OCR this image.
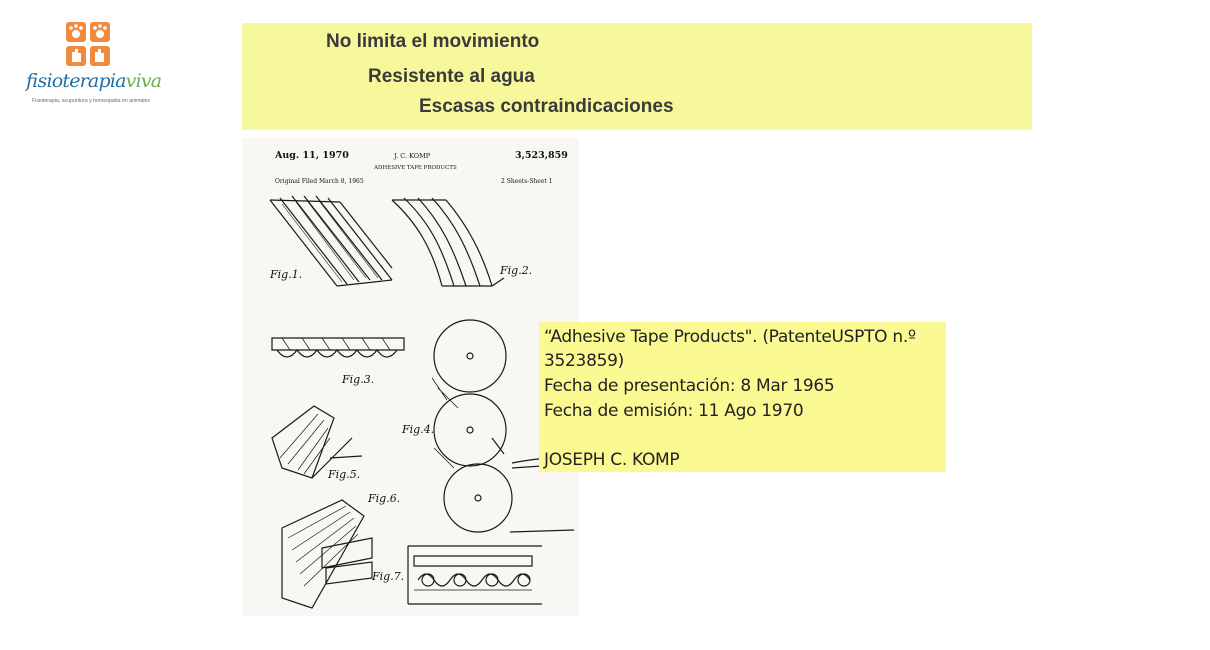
fisioterapiaviva
Fisioterapia, acupuntura y homeopatía en animales
No limita el movimiento
Resistente al agua
Escasas contraindicaciones
Aug. 11, 1970	J. C. KOMP	3,523,859
ADHESIVE TAPE PRODUCTS
Original Filed March 8, 1965	2 Sheets-Sheet 1
Fig.1.	Fig.2.
Fig.3.
Fig.4.
Fig.5.
Fig.6.
Fig.7.
“Adhesive Tape Products". (PatenteUSPTO n.º
3523859)
Fecha de presentación: 8 Mar 1965
Fecha de emisión: 11 Ago 1970
JOSEPH C. KOMP
